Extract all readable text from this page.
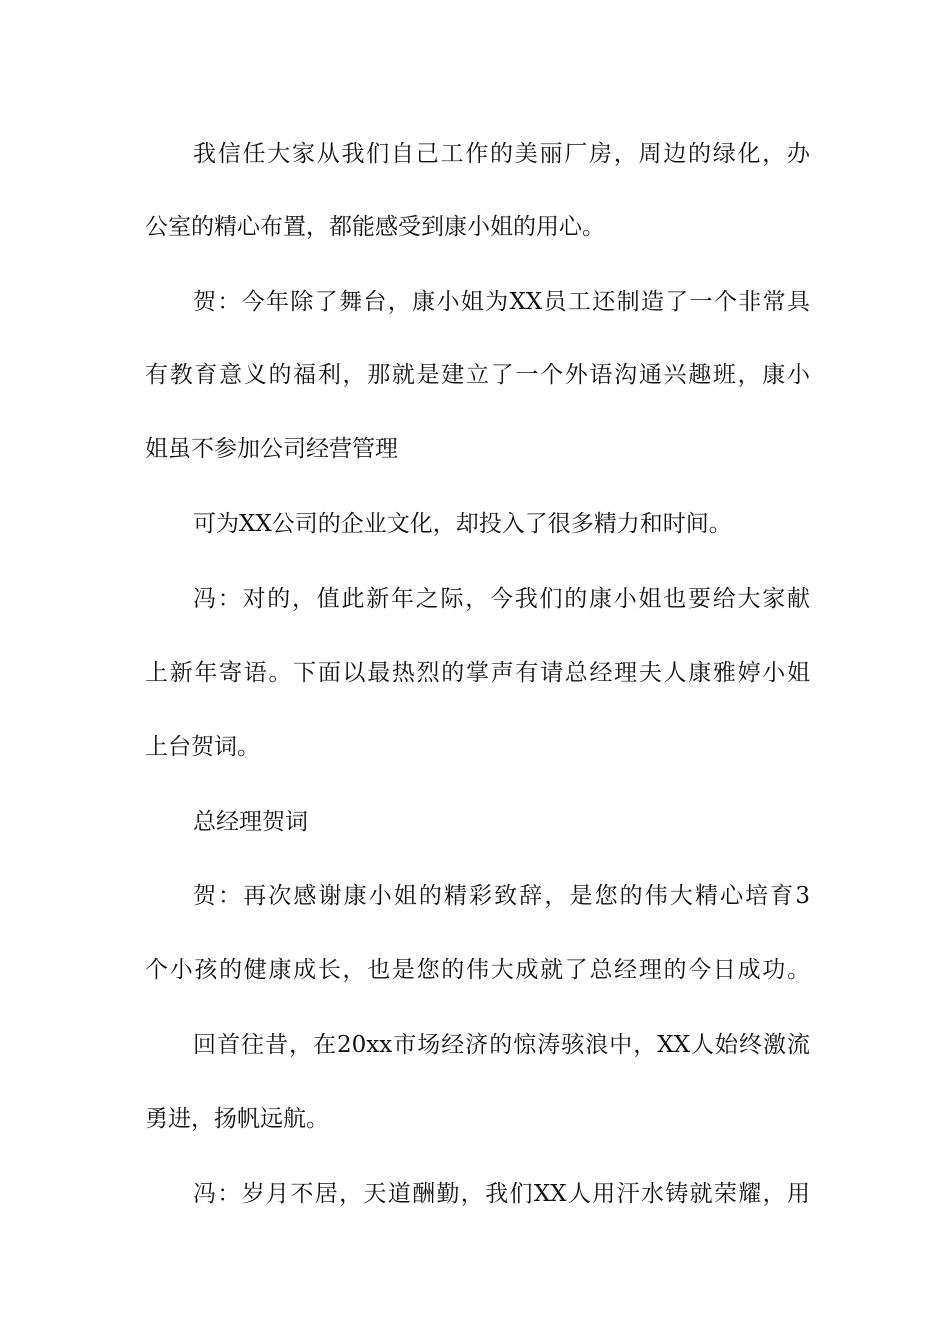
我信任大家从我们自己工作的美丽厂房，周边的绿化，办
公室的精心布置，都能感受到康小姐的用心。
贺：今年除了舞台，康小姐为XX员工还制造了一个非常具
有教育意义的福利，那就是建立了一个外语沟通兴趣班，康小
姐虽不参加公司经营管理
可为XX公司的企业文化，却投入了很多精力和时间。
冯：对的，值此新年之际，今我们的康小姐也要给大家献
上新年寄语。下面以最热烈的掌声有请总经理夫人康雅婷小姐
上台贺词。
总经理贺词
贺：再次感谢康小姐的精彩致辞，是您的伟大精心培育3
个小孩的健康成长，也是您的伟大成就了总经理的今日成功。
回首往昔，在20xx市场经济的惊涛骇浪中，XX人始终激流
勇进，扬帆远航。
冯：岁月不居，天道酬勤，我们XX人用汗水铸就荣耀，用
